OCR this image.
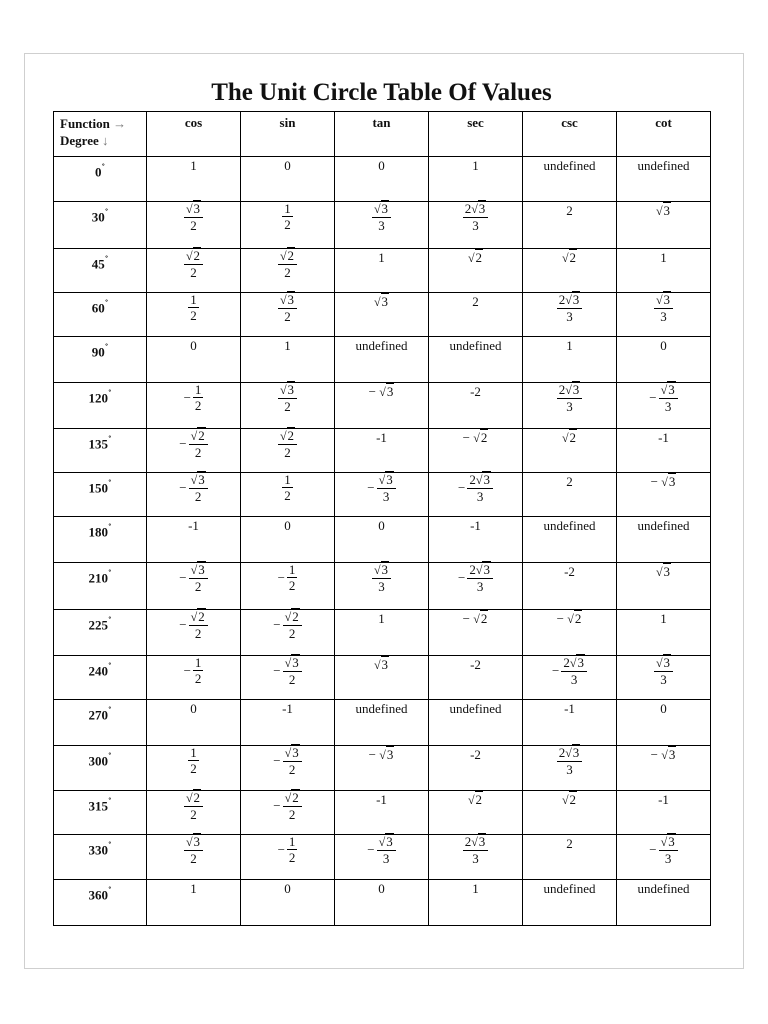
The Unit Circle Table Of Values
Function →
Degree ↓	cos	sin	tan	sec	csc	cot
0˚	1	0	0	1	undefined	undefined

30˚	$\frac{√3}{2}$	$\frac{1}{2}$	$\frac{√3}{3}$	$\frac{2√3}{3}$	2	√3

45˚	$\frac{√2}{2}$	$\frac{√2}{2}$	1	√2	√2	1

60˚	$\frac{1}{2}$	$\frac{√3}{2}$	√3	2	$\frac{2√3}{3}$	$\frac{√3}{3}$

90˚	0	1	undefined	undefined	1	0

120˚	− $\frac{1}{2}$	$\frac{√3}{2}$	− √3	-2	$\frac{2√3}{3}$	− $\frac{√3}{3}$

135˚	− $\frac{√2}{2}$	$\frac{√2}{2}$	-1	− √2	√2	-1

150˚	− $\frac{√3}{2}$	$\frac{1}{2}$	− $\frac{√3}{3}$	− $\frac{2√3}{3}$	2	− √3

180˚	-1	0	0	-1	undefined	undefined

210˚	− $\frac{√3}{2}$	− $\frac{1}{2}$	$\frac{√3}{3}$	− $\frac{2√3}{3}$	-2	√3

225˚	− $\frac{√2}{2}$	− $\frac{√2}{2}$	1	− √2	− √2	1

240˚	− $\frac{1}{2}$	− $\frac{√3}{2}$	√3	-2	− $\frac{2√3}{3}$	$\frac{√3}{3}$

270˚	0	-1	undefined	undefined	-1	0

300˚	$\frac{1}{2}$	− $\frac{√3}{2}$	− √3	-2	$\frac{2√3}{3}$	− √3

315˚	$\frac{√2}{2}$	− $\frac{√2}{2}$	-1	√2	√2	-1

330˚	$\frac{√3}{2}$	− $\frac{1}{2}$	− $\frac{√3}{3}$	$\frac{2√3}{3}$	2	− $\frac{√3}{3}$

360˚	1	0	0	1	undefined	undefined
